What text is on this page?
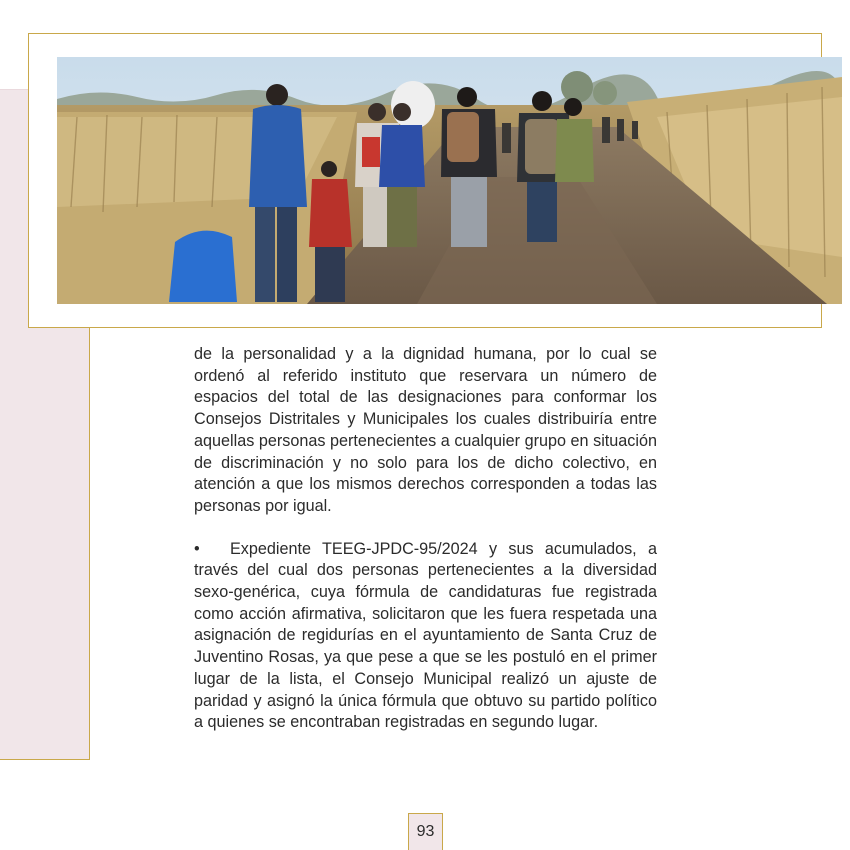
de la personalidad y a la dignidad humana, por lo cual se ordenó al referido instituto que reservara un número de espacios del total de las designaciones para conformar los Consejos Distritales y Municipales los cuales distribuiría entre aquellas personas pertenecientes a cualquier grupo en situación de discriminación y no solo para los de dicho colectivo, en atención a que los mismos derechos corresponden a todas las personas por igual.

• Expediente TEEG-JPDC-95/2024 y sus acumulados, a través del cual dos personas pertenecientes a la diversidad sexo-genérica, cuya fórmula de candidaturas fue registrada como acción afirmativa, solicitaron que les fuera respetada una asignación de regidurías en el ayuntamiento de Santa Cruz de Juventino Rosas, ya que pese a que se les postuló en el primer lugar de la lista, el Consejo Municipal realizó un ajuste de paridad y asignó la única fórmula que obtuvo su partido político a quienes se encontraban registradas en segundo lugar.

93
